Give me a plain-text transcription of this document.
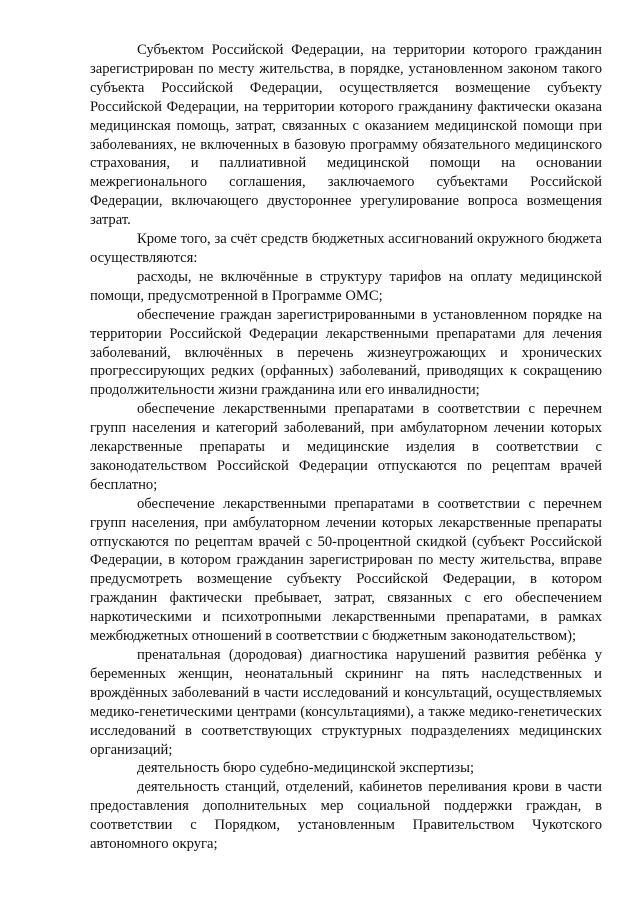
Субъектом Российской Федерации, на территории которого гражданин зарегистрирован по месту жительства, в порядке, установленном законом такого субъекта Российской Федерации, осуществляется возмещение субъекту Российской Федерации, на территории которого гражданину фактически оказана медицинская помощь, затрат, связанных с оказанием медицинской помощи при заболеваниях, не включенных в базовую программу обязательного медицинского страхования, и паллиативной медицинской помощи на основании межрегионального соглашения, заключаемого субъектами Российской Федерации, включающего двустороннее урегулирование вопроса возмещения затрат.

Кроме того, за счёт средств бюджетных ассигнований окружного бюджета осуществляются:

расходы, не включённые в структуру тарифов на оплату медицинской помощи, предусмотренной в Программе ОМС;

обеспечение граждан зарегистрированными в установленном порядке на территории Российской Федерации лекарственными препаратами для лечения заболеваний, включённых в перечень жизнеугрожающих и хронических прогрессирующих редких (орфанных) заболеваний, приводящих к сокращению продолжительности жизни гражданина или его инвалидности;

обеспечение лекарственными препаратами в соответствии с перечнем групп населения и категорий заболеваний, при амбулаторном лечении которых лекарственные препараты и медицинские изделия в соответствии с законодательством Российской Федерации отпускаются по рецептам врачей бесплатно;

обеспечение лекарственными препаратами в соответствии с перечнем групп населения, при амбулаторном лечении которых лекарственные препараты отпускаются по рецептам врачей с 50-процентной скидкой (субъект Российской Федерации, в котором гражданин зарегистрирован по месту жительства, вправе предусмотреть возмещение субъекту Российской Федерации, в котором гражданин фактически пребывает, затрат, связанных с его обеспечением наркотическими и психотропными лекарственными препаратами, в рамках межбюджетных отношений в соответствии с бюджетным законодательством);

пренатальная (дородовая) диагностика нарушений развития ребёнка у беременных женщин, неонатальный скрининг на пять наследственных и врождённых заболеваний в части исследований и консультаций, осуществляемых медико-генетическими центрами (консультациями), а также медико-генетических исследований в соответствующих структурных подразделениях медицинских организаций;

деятельность бюро судебно-медицинской экспертизы;

деятельность станций, отделений, кабинетов переливания крови в части предоставления дополнительных мер социальной поддержки граждан, в соответствии с Порядком, установленным Правительством Чукотского автономного округа;
